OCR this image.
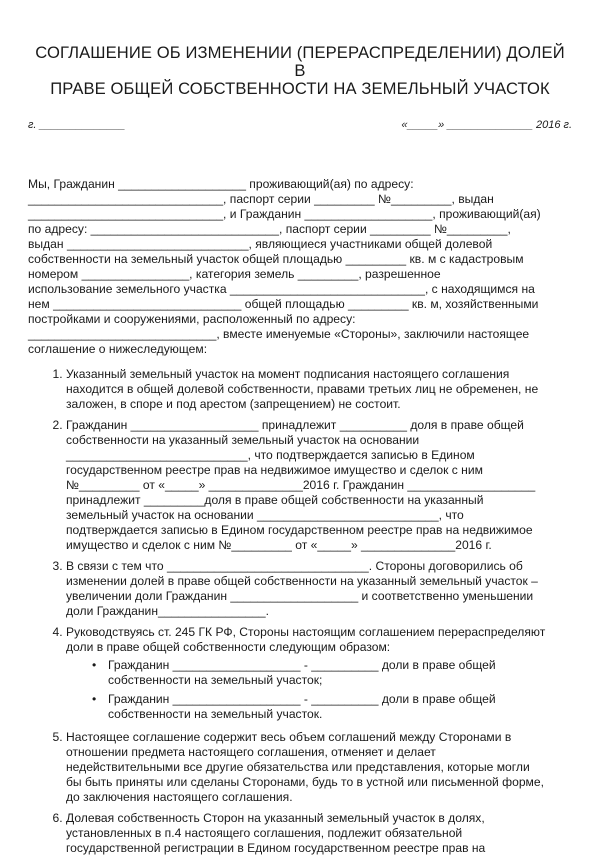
СОГЛАШЕНИЕ ОБ ИЗМЕНЕНИИ (ПЕРЕРАСПРЕДЕЛЕНИИ) ДОЛЕЙ В
ПРАВЕ ОБЩЕЙ СОБСТВЕННОСТИ НА ЗЕМЕЛЬНЫЙ УЧАСТОК
г. ______________	«_____» ______________ 2016 г.

Мы, Гражданин ___________________ проживающий(ая) по адресу:

_____________________________, паспорт серии _________ №_________, выдан

_____________________________, и Гражданин ___________________, проживающий(ая)

по адресу: ____________________________, паспорт серии _________ №_________,

выдан ___________________________, являющиеся участниками общей долевой

собственности на земельный участок общей площадью _________ кв. м с кадастровым

номером ________________, категория земель _________, разрешенное

использование земельного участка _____________________________, с находящимся на

нем ____________________________ общей площадью _________ кв. м, хозяйственными

постройками и сооружениями, расположенный по адресу:

____________________________, вместе именуемые «Стороны», заключили настоящее

соглашение о нижеследующем:

1. Указанный земельный участок на момент подписания настоящего соглашения

находится в общей долевой собственности, правами третьих лиц не обременен, не

заложен, в споре и под арестом (запрещением) не состоит.

2. Гражданин ___________________ принадлежит __________ доля в праве общей

собственности на указанный земельный участок на основании

___________________________, что подтверждается записью в Едином

государственном реестре прав на недвижимое имущество и сделок с ним

№_________ от «_____» ______________2016 г. Гражданин ___________________

принадлежит _________доля в праве общей собственности на указанный

земельный участок на основании ___________________________, что

подтверждается записью в Едином государственном реестре прав на недвижимое

имущество и сделок с ним №_________ от «_____» ______________2016 г.

3. В связи с тем что ______________________________. Стороны договорились об

изменении долей в праве общей собственности на указанный земельный участок –

увеличении доли Гражданин ___________________ и соответственно уменьшении

доли Гражданин________________.

4. Руководствуясь ст. 245 ГК РФ, Стороны настоящим соглашением перераспределяют

доли в праве общей собственности следующим образом:

• Гражданин ___________________ - __________ доли в праве общей

собственности на земельный участок;

• Гражданин ___________________ - __________ доли в праве общей

собственности на земельный участок.

5. Настоящее соглашение содержит весь объем соглашений между Сторонами в

отношении предмета настоящего соглашения, отменяет и делает

недействительными все другие обязательства или представления, которые могли

бы быть приняты или сделаны Сторонами, будь то в устной или письменной форме,

до заключения настоящего соглашения.

6. Долевая собственность Сторон на указанный земельный участок в долях,

установленных в п.4 настоящего соглашения, подлежит обязательной

государственной регистрации в Едином государственном реестре прав на
